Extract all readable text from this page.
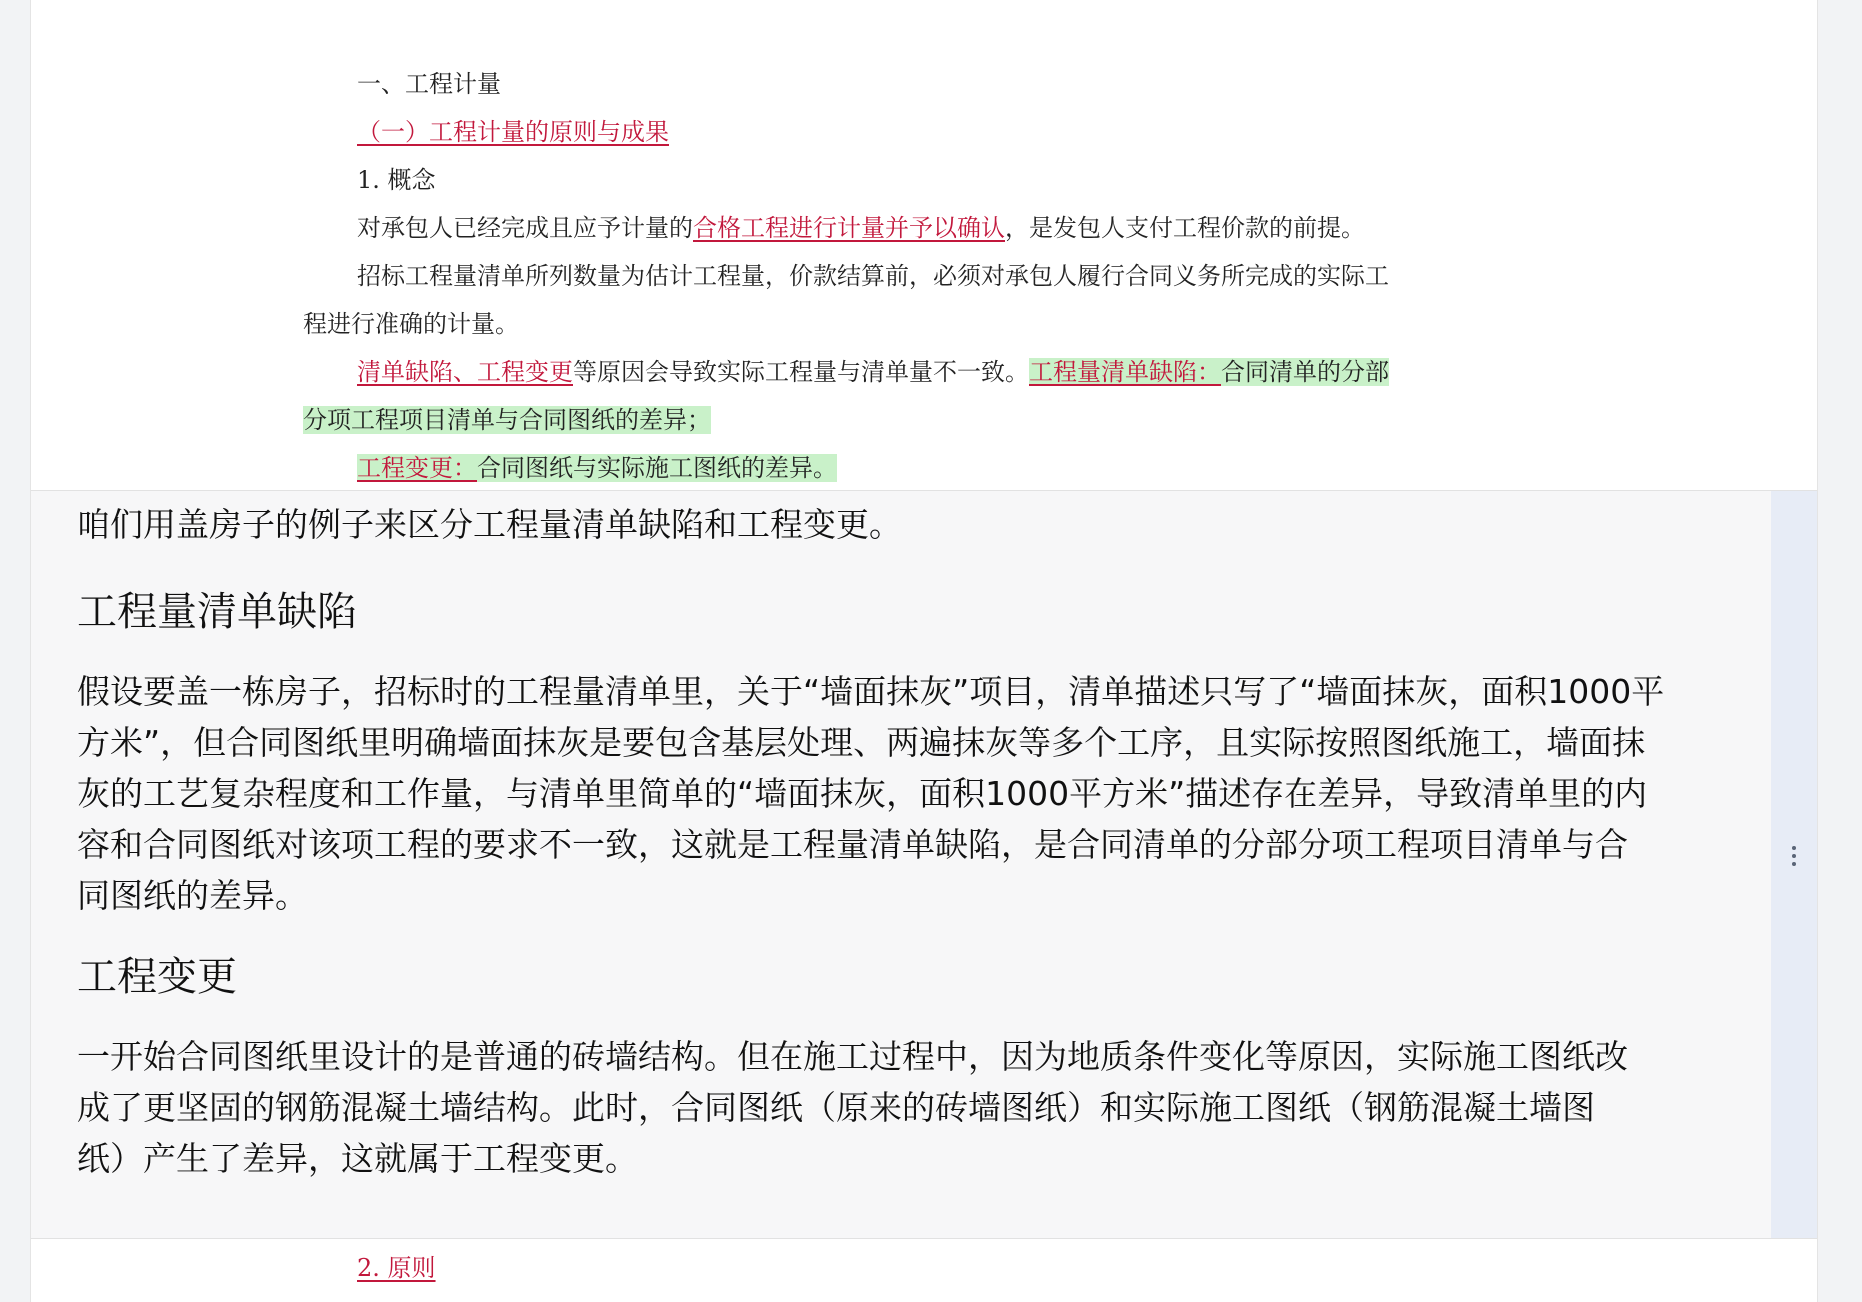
一、工程计量
（一）工程计量的原则与成果
1. 概念
对承包人已经完成且应予计量的合格工程进行计量并予以确认，是发包人支付工程价款的前提。
招标工程量清单所列数量为估计工程量，价款结算前，必须对承包人履行合同义务所完成的实际工
程进行准确的计量。
清单缺陷、工程变更等原因会导致实际工程量与清单量不一致。工程量清单缺陷：合同清单的分部
分项工程项目清单与合同图纸的差异；
工程变更：合同图纸与实际施工图纸的差异。
咱们用盖房子的例子来区分工程量清单缺陷和工程变更。
工程量清单缺陷
假设要盖一栋房子，招标时的工程量清单里，关于“墙面抹灰”项目，清单描述只写了“墙面抹灰，面积1000平
方米”，但合同图纸里明确墙面抹灰是要包含基层处理、两遍抹灰等多个工序，且实际按照图纸施工，墙面抹
灰的工艺复杂程度和工作量，与清单里简单的“墙面抹灰，面积1000平方米”描述存在差异，导致清单里的内
容和合同图纸对该项工程的要求不一致，这就是工程量清单缺陷，是合同清单的分部分项工程项目清单与合
同图纸的差异。
工程变更
一开始合同图纸里设计的是普通的砖墙结构。但在施工过程中，因为地质条件变化等原因，实际施工图纸改
成了更坚固的钢筋混凝土墙结构。此时，合同图纸（原来的砖墙图纸）和实际施工图纸（钢筋混凝土墙图
纸）产生了差异，这就属于工程变更。
2. 原则
